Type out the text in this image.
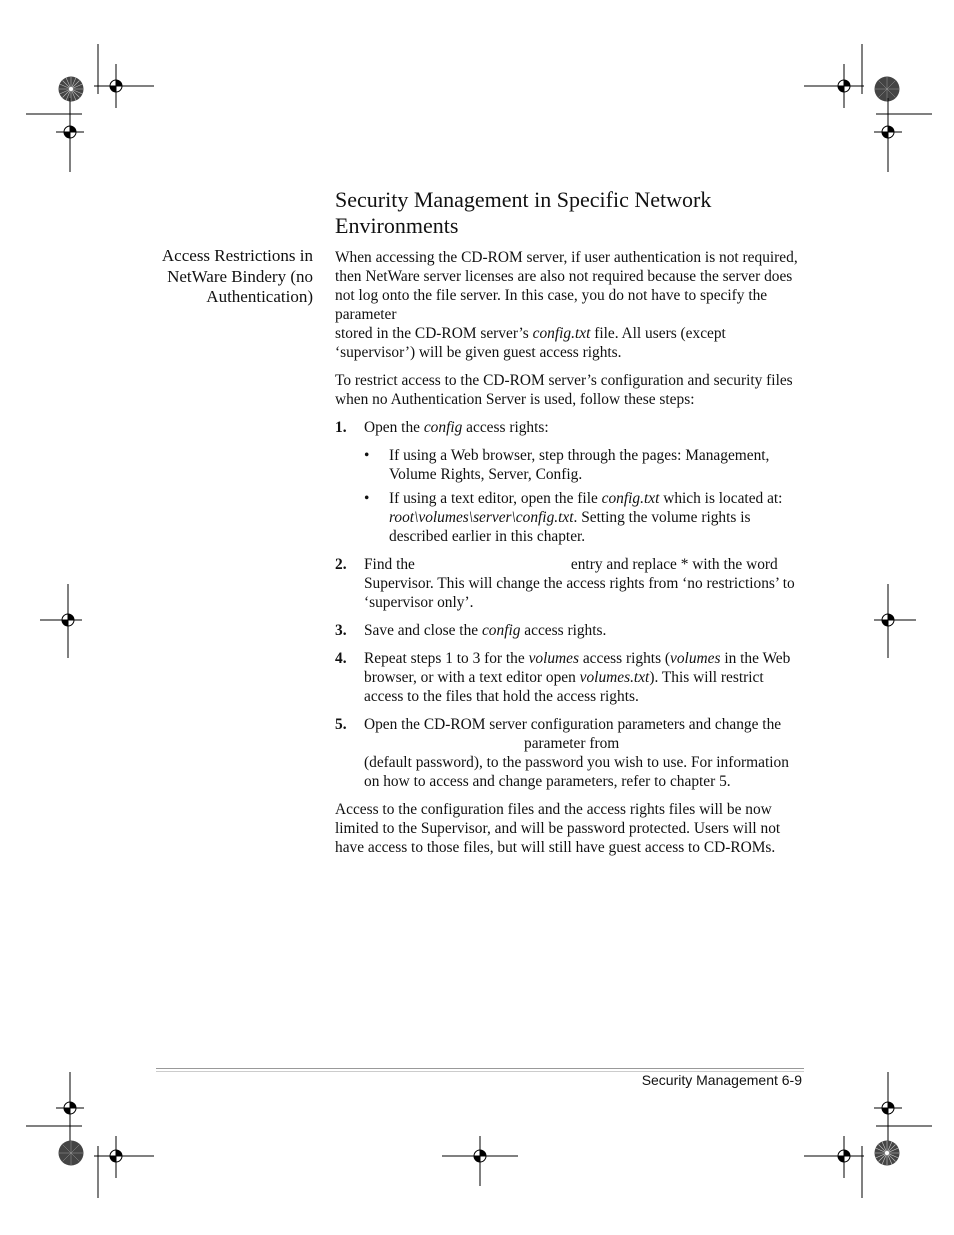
Security Management in Specific Network Environments
Access Restrictions in NetWare Bindery (no Authentication)

When accessing the CD-ROM server, if user authentication is not required, then NetWare server licenses are also not required because the server does not log onto the file server. In this case, you do not have to specify the parameter
stored in the CD-ROM server’s config.txt file. All users (except ‘supervisor’) will be given guest access rights.

To restrict access to the CD-ROM server’s configuration and security files when no Authentication Server is used, follow these steps:

1. Open the config access rights:
• If using a Web browser, step through the pages: Management, Volume Rights, Server, Config.
• If using a text editor, open the file config.txt which is located at: root\volumes\server\config.txt. Setting the volume rights is described earlier in this chapter.
2. Find the	entry and replace * with the word Supervisor. This will change the access rights from ‘no restrictions’ to ‘supervisor only’.
3. Save and close the config access rights.
4. Repeat steps 1 to 3 for the volumes access rights (volumes in the Web browser, or with a text editor open volumes.txt). This will restrict access to the files that hold the access rights.
5. Open the CD-ROM server configuration parameters and change theparameter from
(default password), to the password you wish to use. For information on how to access and change parameters, refer to chapter 5.

Access to the configuration files and the access rights files will be now limited to the Supervisor, and will be password protected. Users will not have access to those files, but will still have guest access to CD-ROMs.

Security Management 6-9
